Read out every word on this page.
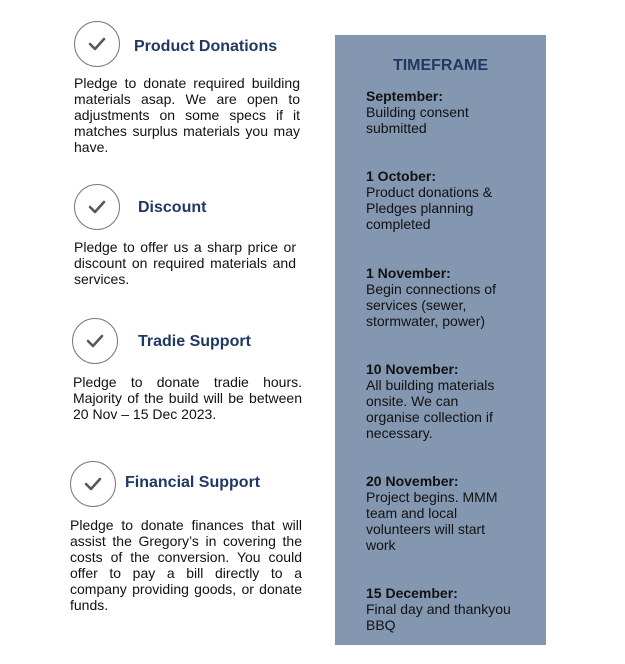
Product Donations
Pledge to donate required building materials asap. We are open to adjustments on some specs if it matches surplus materials you may have.
Discount
Pledge to offer us a sharp price or discount on required materials and services.
Tradie Support
Pledge to donate tradie hours. Majority of the build will be between 20 Nov – 15 Dec 2023.
Financial Support
Pledge to donate finances that will assist the Gregory’s in covering the costs of the conversion. You could offer to pay a bill directly to a company providing goods, or donate funds.
TIMEFRAME
September:
Building consent submitted
1 October:
Product donations & Pledges planning completed
1 November:
Begin connections of services (sewer, stormwater, power)
10 November:
All building materials onsite. We can organise collection if necessary.
20 November:
Project begins. MMM team and local volunteers will start work
15 December:
Final day and thankyou BBQ
